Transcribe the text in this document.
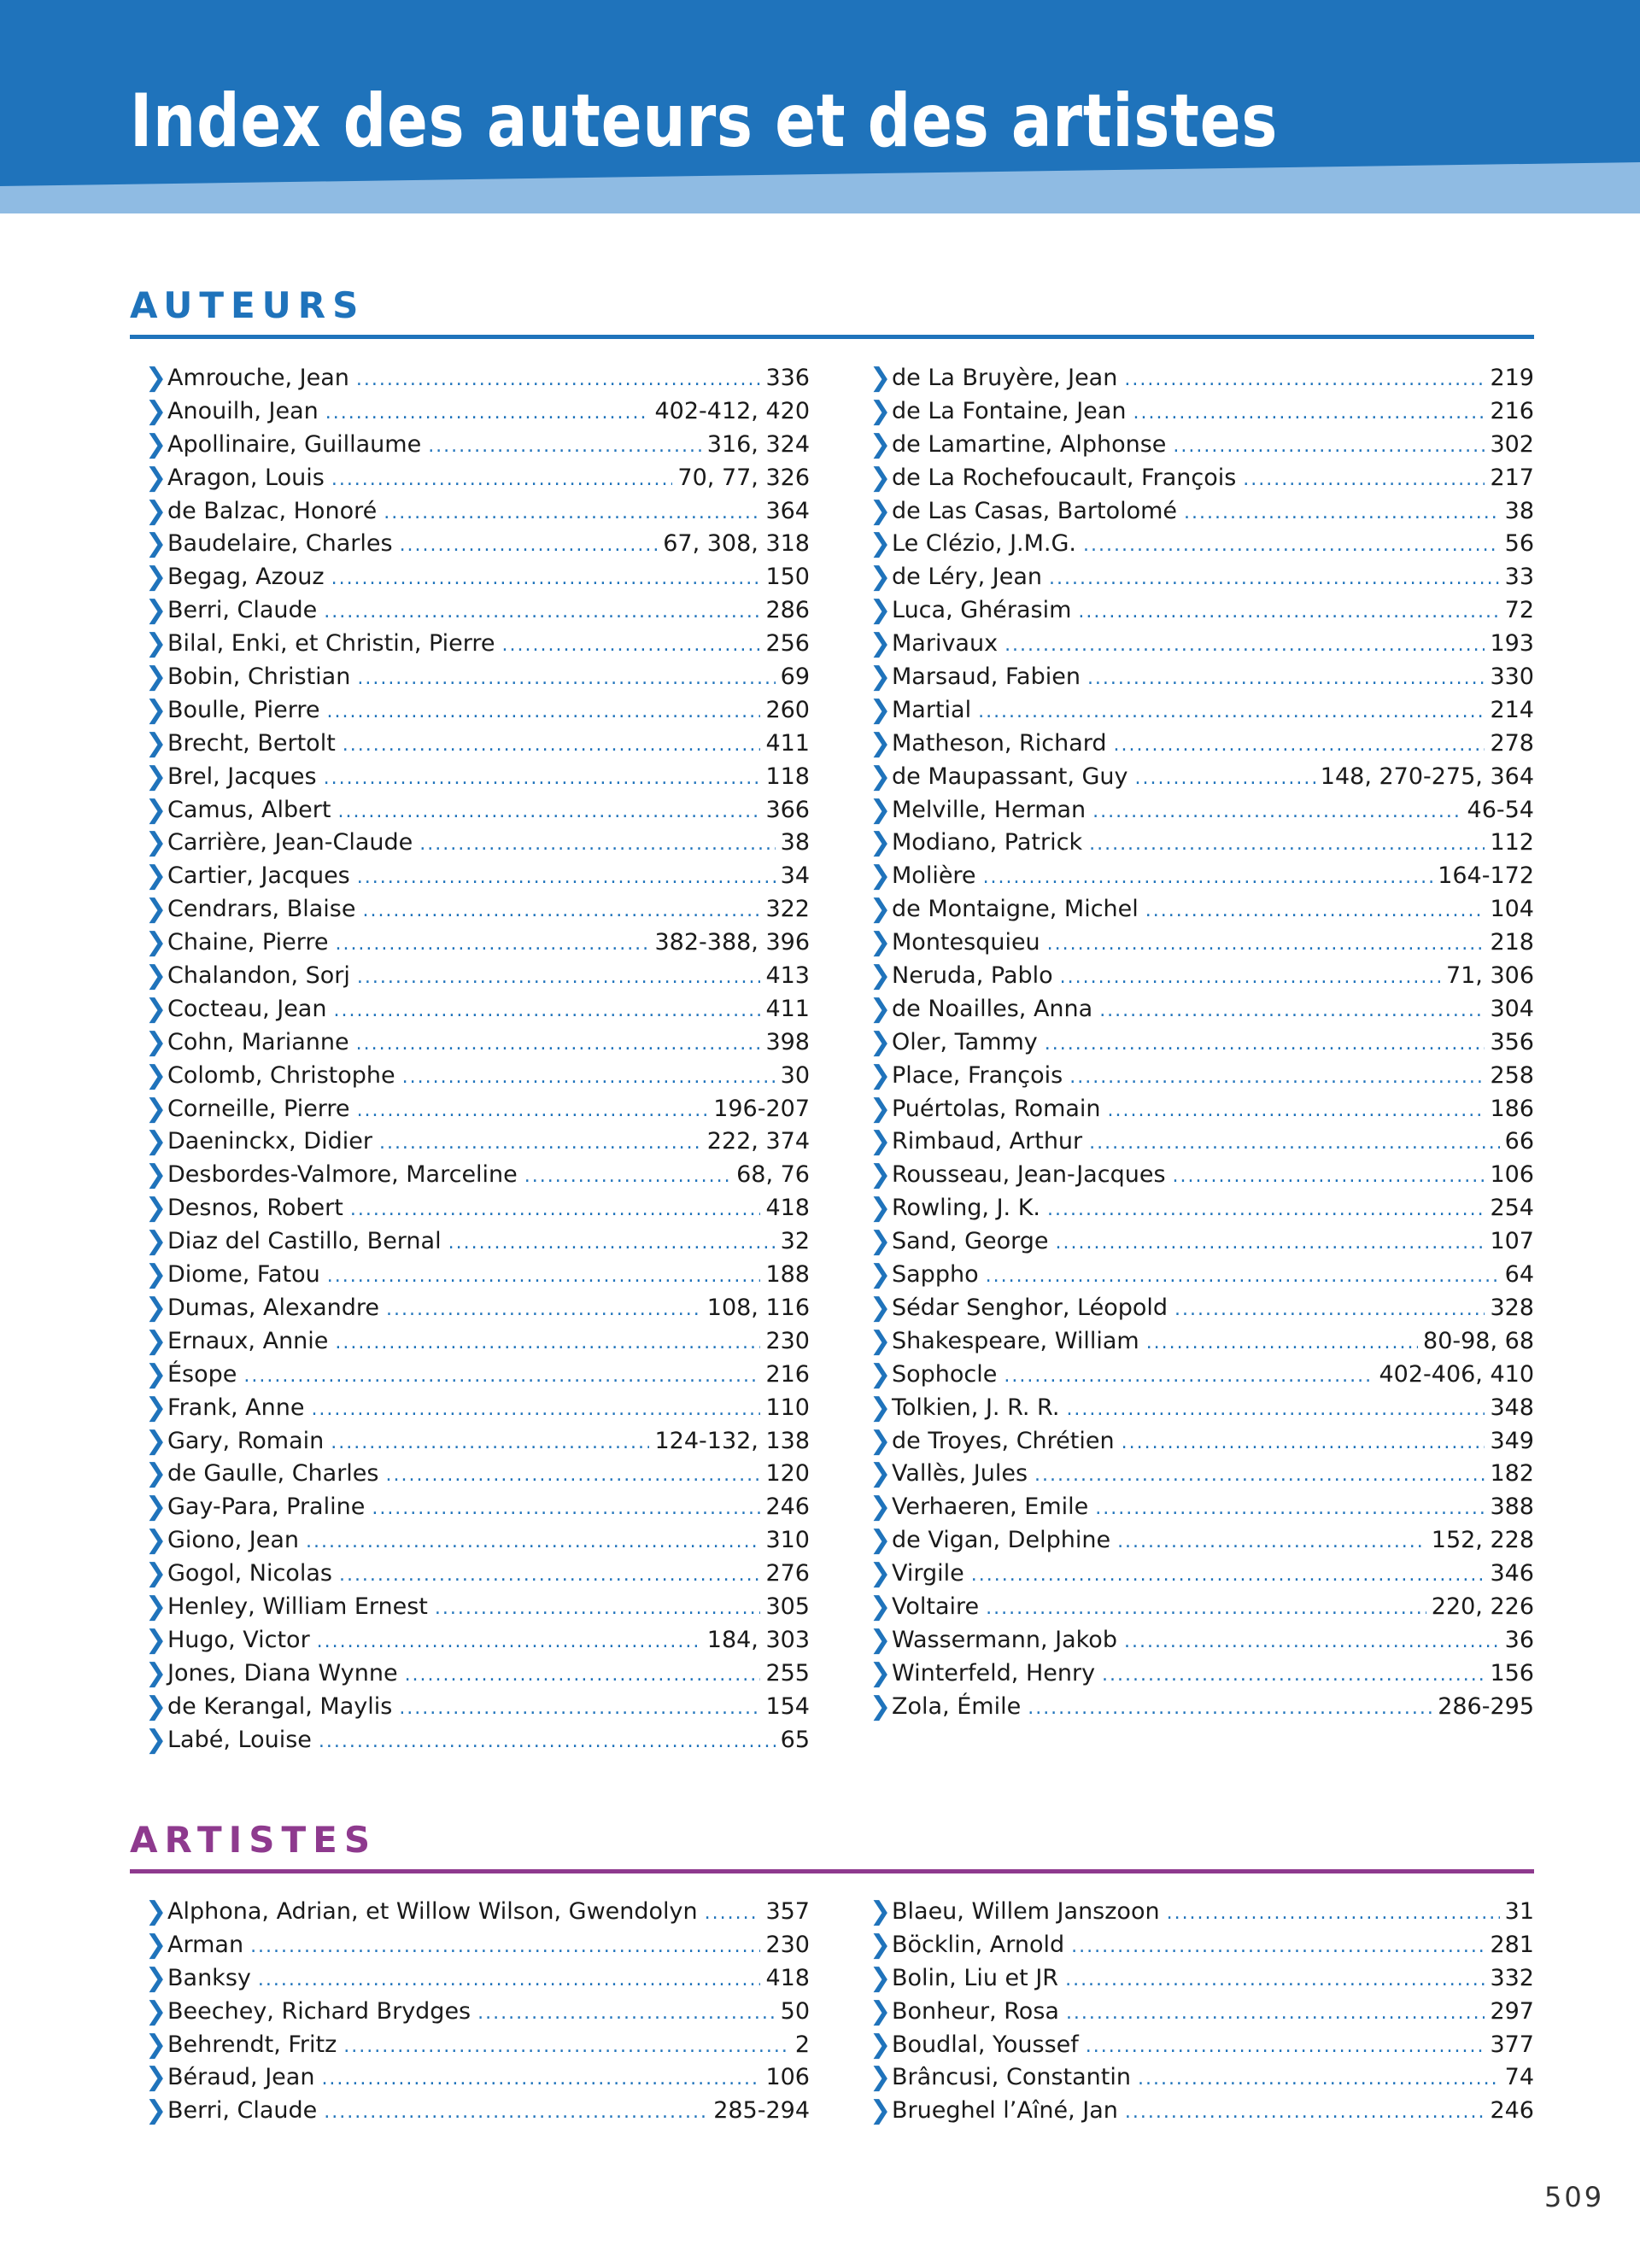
Index des auteurs et des artistes
AUTEURS
❯ Amrouche, Jean .....	336
❯ Anouilh, Jean .....	402-412, 420
❯ Apollinaire, Guillaume .....	316, 324
❯ Aragon, Louis .....	70, 77, 326
❯ de Balzac, Honoré .....	364
❯ Baudelaire, Charles .....	67, 308, 318
❯ Begag, Azouz .....	150
❯ Berri, Claude .....	286
❯ Bilal, Enki, et Christin, Pierre .....	256
❯ Bobin, Christian .....	69
❯ Boulle, Pierre .....	260
❯ Brecht, Bertolt .....	411
❯ Brel, Jacques .....	118
❯ Camus, Albert .....	366
❯ Carrière, Jean-Claude .....	38
❯ Cartier, Jacques .....	34
❯ Cendrars, Blaise .....	322
❯ Chaine, Pierre .....	382-388, 396
❯ Chalandon, Sorj .....	413
❯ Cocteau, Jean .....	411
❯ Cohn, Marianne .....	398
❯ Colomb, Christophe .....	30
❯ Corneille, Pierre .....	196-207
❯ Daeninckx, Didier .....	222, 374
❯ Desbordes-Valmore, Marceline .....	68, 76
❯ Desnos, Robert .....	418
❯ Diaz del Castillo, Bernal .....	32
❯ Diome, Fatou .....	188
❯ Dumas, Alexandre .....	108, 116
❯ Ernaux, Annie .....	230
❯ Ésope .....	216
❯ Frank, Anne .....	110
❯ Gary, Romain .....	124-132, 138
❯ de Gaulle, Charles .....	120
❯ Gay-Para, Praline .....	246
❯ Giono, Jean .....	310
❯ Gogol, Nicolas .....	276
❯ Henley, William Ernest .....	305
❯ Hugo, Victor .....	184, 303
❯ Jones, Diana Wynne .....	255
❯ de Kerangal, Maylis .....	154
❯ Labé, Louise .....	65
❯ de La Bruyère, Jean .....	219
❯ de La Fontaine, Jean .....	216
❯ de Lamartine, Alphonse .....	302
❯ de La Rochefoucault, François .....	217
❯ de Las Casas, Bartolomé .....	38
❯ Le Clézio, J.M.G. .....	56
❯ de Léry, Jean .....	33
❯ Luca, Ghérasim .....	72
❯ Marivaux .....	193
❯ Marsaud, Fabien .....	330
❯ Martial .....	214
❯ Matheson, Richard .....	278
❯ de Maupassant, Guy .....	148, 270-275, 364
❯ Melville, Herman .....	46-54
❯ Modiano, Patrick .....	112
❯ Molière .....	164-172
❯ de Montaigne, Michel .....	104
❯ Montesquieu .....	218
❯ Neruda, Pablo .....	71, 306
❯ de Noailles, Anna .....	304
❯ Oler, Tammy .....	356
❯ Place, François .....	258
❯ Puértolas, Romain .....	186
❯ Rimbaud, Arthur .....	66
❯ Rousseau, Jean-Jacques .....	106
❯ Rowling, J. K. .....	254
❯ Sand, George .....	107
❯ Sappho .....	64
❯ Sédar Senghor, Léopold .....	328
❯ Shakespeare, William .....	80-98, 68
❯ Sophocle .....	402-406, 410
❯ Tolkien, J. R. R. .....	348
❯ de Troyes, Chrétien .....	349
❯ Vallès, Jules .....	182
❯ Verhaeren, Emile .....	388
❯ de Vigan, Delphine .....	152, 228
❯ Virgile .....	346
❯ Voltaire .....	220, 226
❯ Wassermann, Jakob .....	36
❯ Winterfeld, Henry .....	156
❯ Zola, Émile .....	286-295
ARTISTES
❯ Alphona, Adrian, et Willow Wilson, Gwendolyn .....	357
❯ Arman .....	230
❯ Banksy .....	418
❯ Beechey, Richard Brydges .....	50
❯ Behrendt, Fritz .....	2
❯ Béraud, Jean .....	106
❯ Berri, Claude .....	285-294
❯ Blaeu, Willem Janszoon .....	31
❯ Böcklin, Arnold .....	281
❯ Bolin, Liu et JR .....	332
❯ Bonheur, Rosa .....	297
❯ Boudlal, Youssef .....	377
❯ Brâncusi, Constantin .....	74
❯ Brueghel l’Aîné, Jan .....	246
509
